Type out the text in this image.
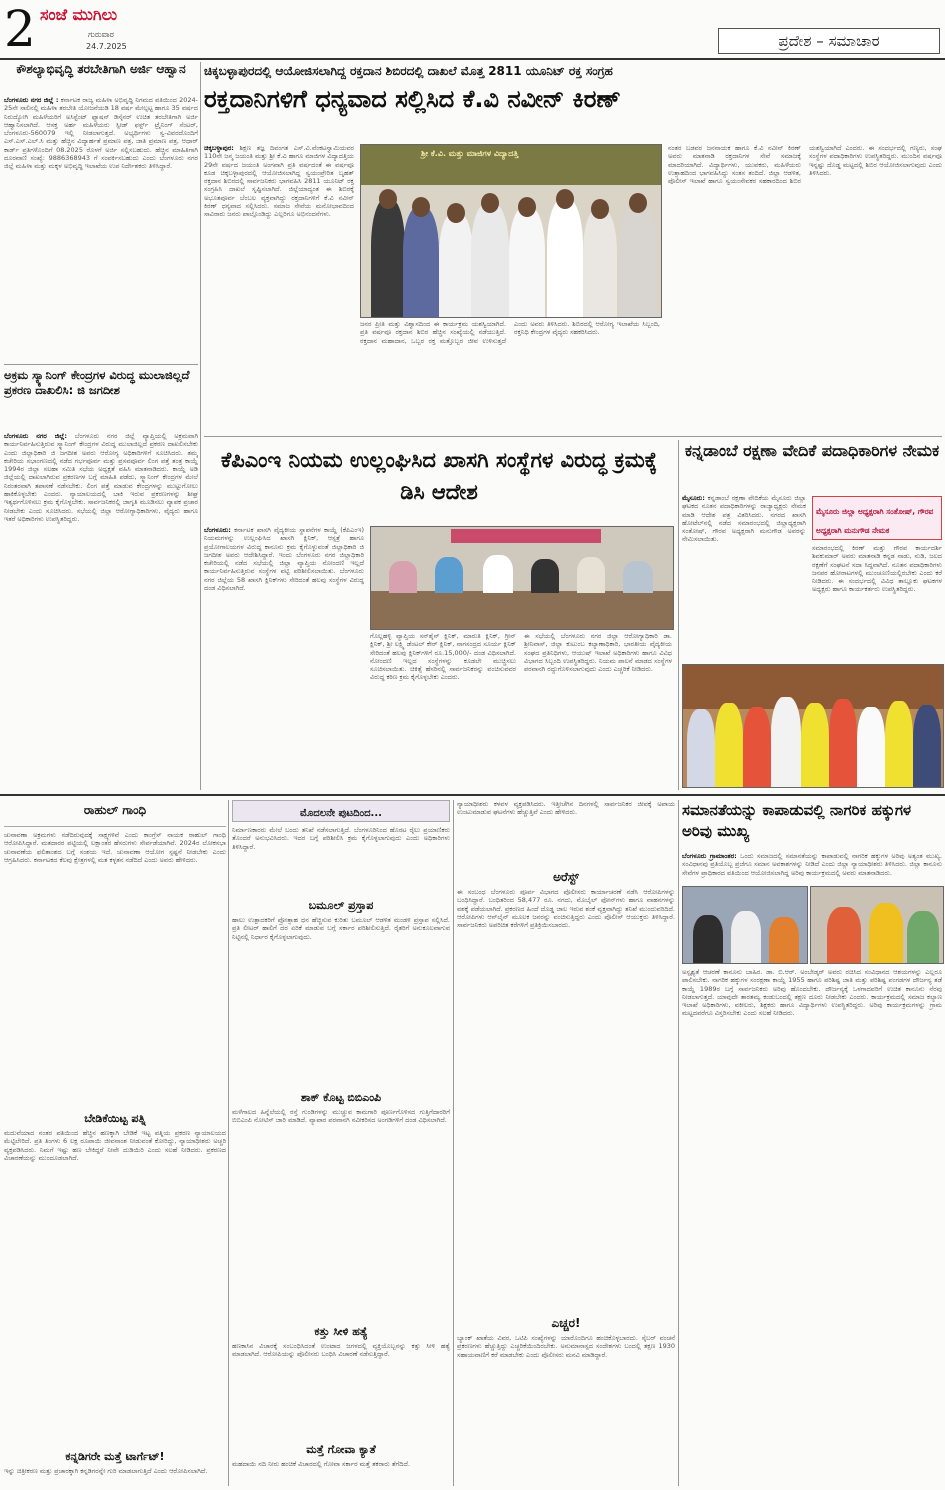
2 ಸಂಜೆ ಮುಗಿಲು
ಗುರುವಾರ
24.7.2025	ಪ್ರದೇಶ – ಸಮಾಚಾರ
ಕೌಶಲ್ಯಾಭಿವೃದ್ಧಿ ತರಬೇತಿಗಾಗಿ ಅರ್ಜಿ ಆಹ್ವಾನ
ಬೆಂಗಳೂರು ನಗರ ಜಿಲ್ಲೆ : ಕರ್ನಾಟಕ ರಾಜ್ಯ ಮಹಿಳಾ ಅಭಿವೃದ್ಧಿ ನಿಗಮದ ವತಿಯಿಂದ 2024-25ನೇ ಸಾಲಿನಲ್ಲಿ ಮಹಿಳಾ ತರಬೇತಿ ಯೋಜನೆಯಡಿ 18 ವರ್ಷ ಮೇಲ್ಪಟ್ಟ ಹಾಗೂ 35 ವರ್ಷದ ನಿರುದ್ಯೋಗಿ ಮಹಿಳೆಯರಿಗೆ ಅಸಿಸ್ಟೆಂಟ್ ಫ್ಯಾಷನ್ ಡಿಸೈನರ್ ಉಚಿತ ತರಬೇತಿಗಾಗಿ ಅರ್ಜಿ ಆಹ್ವಾನಿಸಲಾಗಿದೆ. ಆಸಕ್ತ ಅರ್ಹ ಮಹಿಳೆಯರು ಸ್ಪೀಡ್ ಫರ್ಸ್ಟ್ ಟ್ರೈನಿಂಗ್ ಸೆಂಟರ್, ಬೆಂಗಳೂರು-560079 ಇಲ್ಲಿ ನೀಡಲಾಗುತ್ತದೆ. ಅಭ್ಯರ್ಥಿಗಳು ಸ್ವ-ವಿವರದೊಂದಿಗೆ ಎಸ್.ಎಸ್.ಎಲ್.ಸಿ ಮತ್ತು ಹೆಚ್ಚಿನ ವಿದ್ಯಾರ್ಹತೆ ಪ್ರಮಾಣ ಪತ್ರ, ಜಾತಿ ಪ್ರಮಾಣ ಪತ್ರ, ಆಧಾರ್ ಕಾರ್ಡ್ ಪ್ರತಿಗಳೊಂದಿಗೆ 08.2025 ರೊಳಗೆ ಅರ್ಜಿ ಸಲ್ಲಿಸಬಹುದು. ಹೆಚ್ಚಿನ ಮಾಹಿತಿಗಾಗಿ ದೂರವಾಣಿ ಸಂಖ್ಯೆ: 9886368943 ಗೆ ಸಂಪರ್ಕಿಸಬಹುದು ಎಂದು ಬೆಂಗಳೂರು ನಗರ ಜಿಲ್ಲೆ ಮಹಿಳಾ ಮತ್ತು ಮಕ್ಕಳ ಅಭಿವೃದ್ಧಿ ಇಲಾಖೆಯ ಉಪ ನಿರ್ದೇಶಕರು ತಿಳಿಸಿದ್ದಾರೆ.
ಅಕ್ರಮ ಸ್ಕ್ಯಾನಿಂಗ್ ಕೇಂದ್ರಗಳ ವಿರುದ್ಧ ಮುಲಾಜಿಲ್ಲದೆ ಪ್ರಕರಣ ದಾಖಲಿಸಿ: ಜಿ ಜಗದೀಶ
ಬೆಂಗಳೂರು ನಗರ ಜಿಲ್ಲೆ: ಬೆಂಗಳೂರು ನಗರ ಜಿಲ್ಲೆ ವ್ಯಾಪ್ತಿಯಲ್ಲಿ ಅಕ್ರಮವಾಗಿ ಕಾರ್ಯನಿರ್ವಹಿಸುತ್ತಿರುವ ಸ್ಕ್ಯಾನಿಂಗ್ ಕೇಂದ್ರಗಳ ವಿರುದ್ಧ ಮುಲಾಜಿಲ್ಲದೆ ಪ್ರಕರಣ ದಾಖಲಿಸಬೇಕು ಎಂದು ಜಿಲ್ಲಾಧಿಕಾರಿ ಜಿ ಜಗದೀಶ ಅವರು ಆರೋಗ್ಯ ಅಧಿಕಾರಿಗಳಿಗೆ ಸೂಚಿಸಿದರು. ತಮ್ಮ ಕಚೇರಿಯ ಸಭಾಂಗಣದಲ್ಲಿ ನಡೆದ ಗರ್ಭಪೂರ್ವ ಮತ್ತು ಪ್ರಸವಪೂರ್ವ ಲಿಂಗ ಪತ್ತೆ ತಂತ್ರ ಕಾಯ್ದೆ 1994ರ ಜಿಲ್ಲಾ ಸಲಹಾ ಸಮಿತಿ ಸಭೆಯ ಅಧ್ಯಕ್ಷತೆ ವಹಿಸಿ ಮಾತನಾಡಿದರು. ಕಾಯ್ದೆ ಅಡಿ ಜಿಲ್ಲೆಯಲ್ಲಿ ದಾಖಲಾಗಿರುವ ಪ್ರಕರಣಗಳ ಬಗ್ಗೆ ಮಾಹಿತಿ ಪಡೆದು, ಸ್ಕ್ಯಾನಿಂಗ್ ಕೇಂದ್ರಗಳ ಮೇಲೆ ನಿರಂತರವಾಗಿ ತಪಾಸಣೆ ನಡೆಸಬೇಕು. ಲಿಂಗ ಪತ್ತೆ ಮಾಡುವ ಕೇಂದ್ರಗಳನ್ನು ಮುಟ್ಟುಗೋಲು ಹಾಕಿಕೊಳ್ಳಬೇಕು ಎಂದರು. ನ್ಯಾಯಾಲಯದಲ್ಲಿ ಬಾಕಿ ಇರುವ ಪ್ರಕರಣಗಳನ್ನು ಶೀಘ್ರ ಇತ್ಯರ್ಥಗೊಳಿಸಲು ಕ್ರಮ ಕೈಗೊಳ್ಳಬೇಕು. ಸಾರ್ವಜನಿಕರಲ್ಲಿ ಜಾಗೃತಿ ಮೂಡಿಸಲು ವ್ಯಾಪಕ ಪ್ರಚಾರ ನೀಡಬೇಕು ಎಂದು ಸೂಚಿಸಿದರು. ಸಭೆಯಲ್ಲಿ ಜಿಲ್ಲಾ ಆರೋಗ್ಯಾಧಿಕಾರಿಗಳು, ವೈದ್ಯರು ಹಾಗೂ ಇತರೆ ಅಧಿಕಾರಿಗಳು ಉಪಸ್ಥಿತರಿದ್ದರು.
ಚಿಕ್ಕಬಳ್ಳಾಪುರದಲ್ಲಿ ಆಯೋಜಿಸಲಾಗಿದ್ದ ರಕ್ತದಾನ ಶಿಬಿರದಲ್ಲಿ ದಾಖಲೆ ಮೊತ್ತ 2811 ಯೂನಿಟ್ ರಕ್ತ ಸಂಗ್ರಹ
ರಕ್ತದಾನಿಗಳಿಗೆ ಧನ್ಯವಾದ ಸಲ್ಲಿಸಿದ ಕೆ.ವಿ ನವೀನ್ ಕಿರಣ್
ಚಿಕ್ಕಬಳ್ಳಾಪುರ: ಶಿಕ್ಷಣ ತಜ್ಞ ದಿವಂಗತ ಎಸ್.ವಿ.ವೆಂಕಟಸ್ವಾಮಿಯವರ 110ನೇ ಜನ್ಮ ಜಯಂತಿ ಮತ್ತು ಶ್ರೀ ಕೆ.ವಿ ಹಾಗೂ ಮಾಜಿಗಳ ವಿದ್ಯಾದತ್ತಿಯ 29ನೇ ವರ್ಷದ ಜಯಂತಿ ಅಂಗವಾಗಿ ಪ್ರತಿ ವರ್ಷದಂತೆ ಈ ವರ್ಷವೂ ಕೂಡ ಚಿಕ್ಕಬಳ್ಳಾಪುರದಲ್ಲಿ ಆಯೋಜಿಸಲಾಗಿದ್ದ ಸ್ವಯಂಪ್ರೇರಿತ ಬೃಹತ್ ರಕ್ತದಾನ ಶಿಬಿರದಲ್ಲಿ ಸಾರ್ವಜನಿಕರು ಭಾಗವಹಿಸಿ 2811 ಯೂನಿಟ್ ರಕ್ತ ಸಂಗ್ರಹಿಸಿ ದಾಖಲೆ ಸೃಷ್ಟಿಸಲಾಗಿದೆ. ಜಿಲ್ಲೆಯಾದ್ಯಂತ ಈ ಶಿಬಿರಕ್ಕೆ ಅಭೂತಪೂರ್ವ ಬೆಂಬಲ ವ್ಯಕ್ತವಾಗಿದ್ದು ರಕ್ತದಾನಿಗಳಿಗೆ ಕೆ.ವಿ ನವೀನ್ ಕಿರಣ್ ಧನ್ಯವಾದ ಸಲ್ಲಿಸಿದರು. ಸಮಾಜ ಸೇವೆಯ ಮನೋಭಾವದಿಂದ ಸಾವಿರಾರು ಜನರು ಪಾಲ್ಗೊಂಡಿದ್ದು ಎಲ್ಲರಿಗೂ ಅಭಿನಂದನೆಗಳು.
ಶ್ರೀ ಕೆ.ವಿ. ಮತ್ತು ಮಾಜಿಗಳ ವಿದ್ಯಾದತ್ತಿ
ಜನರ ಪ್ರೀತಿ ಮತ್ತು ವಿಶ್ವಾಸದಿಂದ ಈ ಕಾರ್ಯಕ್ರಮ ಯಶಸ್ವಿಯಾಗಿದೆ. ಪ್ರತಿ ವರ್ಷವೂ ರಕ್ತದಾನ ಶಿಬಿರ ಹೆಚ್ಚಿನ ಸಂಖ್ಯೆಯಲ್ಲಿ ನಡೆಯುತ್ತಿದೆ. ರಕ್ತದಾನ ಮಹಾದಾನ, ಒಬ್ಬರ ರಕ್ತ ಮತ್ತೊಬ್ಬರ ಜೀವ ಉಳಿಸುತ್ತದೆ ಎಂದು ಅವರು ತಿಳಿಸಿದರು. ಶಿಬಿರದಲ್ಲಿ ಆರೋಗ್ಯ ಇಲಾಖೆಯ ಸಿಬ್ಬಂದಿ, ರಕ್ತನಿಧಿ ಕೇಂದ್ರಗಳ ವೈದ್ಯರು ಸಹಕರಿಸಿದರು.
ನಂತರ ಬಡವರ ಜನನಾಯಕ ಹಾಗೂ ಕೆ.ವಿ ನವೀನ್ ಕಿರಣ್ ಅವರು ಮಾತನಾಡಿ ರಕ್ತದಾನಿಗಳ ಸೇವೆ ಸಮಾಜಕ್ಕೆ ಮಾದರಿಯಾಗಿದೆ. ವಿದ್ಯಾರ್ಥಿಗಳು, ಯುವಕರು, ಮಹಿಳೆಯರು ಉತ್ಸಾಹದಿಂದ ಭಾಗವಹಿಸಿದ್ದು ಸಂತಸ ತಂದಿದೆ. ಜಿಲ್ಲಾ ಆಡಳಿತ, ಪೊಲೀಸ್ ಇಲಾಖೆ ಹಾಗೂ ಸ್ವಯಂಸೇವಕರ ಸಹಕಾರದಿಂದ ಶಿಬಿರ ಯಶಸ್ವಿಯಾಗಿದೆ ಎಂದರು. ಈ ಸಂದರ್ಭದಲ್ಲಿ ಗಣ್ಯರು, ಸಂಘ ಸಂಸ್ಥೆಗಳ ಪದಾಧಿಕಾರಿಗಳು ಉಪಸ್ಥಿತರಿದ್ದರು. ಮುಂದಿನ ವರ್ಷವೂ ಇನ್ನಷ್ಟು ದೊಡ್ಡ ಮಟ್ಟದಲ್ಲಿ ಶಿಬಿರ ಆಯೋಜಿಸಲಾಗುವುದು ಎಂದು ತಿಳಿಸಿದರು.
ಕೆಪಿಎಂಇ ನಿಯಮ ಉಲ್ಲಂಘಿಸಿದ ಖಾಸಗಿ ಸಂಸ್ಥೆಗಳ ವಿರುದ್ಧ ಕ್ರಮಕ್ಕೆ ಡಿಸಿ ಆದೇಶ
ಬೆಂಗಳೂರು: ಕರ್ನಾಟಕ ಖಾಸಗಿ ವೈದ್ಯಕೀಯ ಸ್ಥಾಪನೆಗಳ ಕಾಯ್ದೆ (ಕೆಪಿಎಂಇ) ನಿಯಮಗಳನ್ನು ಉಲ್ಲಂಘಿಸಿದ ಖಾಸಗಿ ಕ್ಲಿನಿಕ್, ಆಸ್ಪತ್ರೆ ಹಾಗೂ ಪ್ರಯೋಗಾಲಯಗಳ ವಿರುದ್ಧ ಕಾನೂನು ಕ್ರಮ ಕೈಗೊಳ್ಳುವಂತೆ ಜಿಲ್ಲಾಧಿಕಾರಿ ಜಿ ಜಗದೀಶ ಅವರು ಆದೇಶಿಸಿದ್ದಾರೆ. ಇಂದು ಬೆಂಗಳೂರು ನಗರ ಜಿಲ್ಲಾಧಿಕಾರಿ ಕಚೇರಿಯಲ್ಲಿ ನಡೆದ ಸಭೆಯಲ್ಲಿ ಜಿಲ್ಲಾ ವ್ಯಾಪ್ತಿಯ ನೋಂದಣಿ ಇಲ್ಲದೆ ಕಾರ್ಯನಿರ್ವಹಿಸುತ್ತಿರುವ ಸಂಸ್ಥೆಗಳ ಪಟ್ಟಿ ಪರಿಶೀಲಿಸಲಾಯಿತು. ಬೆಂಗಳೂರು ನಗರ ಜಿಲ್ಲೆಯ 58 ಖಾಸಗಿ ಕ್ಲಿನಿಕ್‌ಗಳು ಸೇರಿದಂತೆ ಹಲವು ಸಂಸ್ಥೆಗಳ ವಿರುದ್ಧ ದಂಡ ವಿಧಿಸಲಾಗಿದೆ.
ಗೊಲ್ಲಹಳ್ಳಿ ವ್ಯಾಪ್ತಿಯ ಸನ್‌ಶೈನ್ ಕ್ಲಿನಿಕ್, ಮಾರುತಿ ಕ್ಲಿನಿಕ್, ಗ್ರೀನ್ ಕ್ಲಿನಿಕ್, ಶ್ರೀ ಲಕ್ಷ್ಮಿ ಡೆಂಟಲ್ ಕೇರ್ ಕ್ಲಿನಿಕ್, ನಾಗಸಂದ್ರದ ಸೂರ್ಯ ಕ್ಲಿನಿಕ್ ಸೇರಿದಂತೆ ಹಲವು ಕ್ಲಿನಿಕ್‌ಗಳಿಗೆ ರೂ.15,000/- ದಂಡ ವಿಧಿಸಲಾಗಿದೆ. ನೋಂದಣಿ ಇಲ್ಲದ ಸಂಸ್ಥೆಗಳನ್ನು ಕೂಡಲೇ ಮುಚ್ಚಿಸಲು ಸೂಚಿಸಲಾಯಿತು. ಚಿಕಿತ್ಸೆ ಹೆಸರಿನಲ್ಲಿ ಸಾರ್ವಜನಿಕರನ್ನು ವಂಚಿಸುವವರ ವಿರುದ್ಧ ಕಠಿಣ ಕ್ರಮ ಕೈಗೊಳ್ಳಬೇಕು ಎಂದರು.
ಈ ಸಭೆಯಲ್ಲಿ ಬೆಂಗಳೂರು ನಗರ ಜಿಲ್ಲಾ ಆರೋಗ್ಯಾಧಿಕಾರಿ ಡಾ. ಶ್ರೀನಿವಾಸ್, ಜಿಲ್ಲಾ ಕುಟುಂಬ ಕಲ್ಯಾಣಾಧಿಕಾರಿ, ಭಾರತೀಯ ವೈದ್ಯಕೀಯ ಸಂಘದ ಪ್ರತಿನಿಧಿಗಳು, ಆಯುಷ್ ಇಲಾಖೆ ಅಧಿಕಾರಿಗಳು ಹಾಗೂ ವಿವಿಧ ವಿಭಾಗದ ಸಿಬ್ಬಂದಿ ಉಪಸ್ಥಿತರಿದ್ದರು. ನಿಯಮ ಪಾಲನೆ ಮಾಡದ ಸಂಸ್ಥೆಗಳ ಪರವಾನಗಿ ರದ್ದುಗೊಳಿಸಲಾಗುವುದು ಎಂದು ಎಚ್ಚರಿಕೆ ನೀಡಿದರು.
ಕನ್ನಡಾಂಬೆ ರಕ್ಷಣಾ ವೇದಿಕೆ ಪದಾಧಿಕಾರಿಗಳ ನೇಮಕ
ಮೈಸೂರು: ಕನ್ನಡಾಂಬೆ ರಕ್ಷಣಾ ವೇದಿಕೆಯ ಮೈಸೂರು ಜಿಲ್ಲಾ ಘಟಕದ ನೂತನ ಪದಾಧಿಕಾರಿಗಳನ್ನು ರಾಜ್ಯಾಧ್ಯಕ್ಷರು ನೇಮಕ ಮಾಡಿ ಆದೇಶ ಪತ್ರ ವಿತರಿಸಿದರು. ನಗರದ ಖಾಸಗಿ ಹೋಟೆಲ್‌ನಲ್ಲಿ ನಡೆದ ಸಮಾರಂಭದಲ್ಲಿ ಜಿಲ್ಲಾಧ್ಯಕ್ಷರಾಗಿ ಸಂತೋಷ್, ಗೌರವ ಅಧ್ಯಕ್ಷರಾಗಿ ಮನುಗೌಡ ಅವರನ್ನು ನೇಮಿಸಲಾಯಿತು.
ಮೈಸೂರು ಜಿಲ್ಲಾ ಅಧ್ಯಕ್ಷರಾಗಿ ಸಂತೋಷ್, ಗೌರವ ಅಧ್ಯಕ್ಷರಾಗಿ ಮನುಗೌಡ ನೇಮಕ
ಸಮಾರಂಭದಲ್ಲಿ ಕಿರಣ್ ಮತ್ತು ಗೌರವ ಕಾರ್ಯದರ್ಶಿ ಶಿವಕುಮಾರ್ ಅವರು ಮಾತನಾಡಿ ಕನ್ನಡ ನಾಡು, ನುಡಿ, ಜಲದ ರಕ್ಷಣೆಗೆ ಸಂಘಟನೆ ಸದಾ ಸಿದ್ಧವಾಗಿದೆ. ನೂತನ ಪದಾಧಿಕಾರಿಗಳು ಜನಪರ ಹೋರಾಟಗಳಲ್ಲಿ ಮುಂಚೂಣಿಯಲ್ಲಿರಬೇಕು ಎಂದು ಕರೆ ನೀಡಿದರು. ಈ ಸಂದರ್ಭದಲ್ಲಿ ವಿವಿಧ ತಾಲ್ಲೂಕು ಘಟಕಗಳ ಅಧ್ಯಕ್ಷರು ಹಾಗೂ ಕಾರ್ಯಕರ್ತರು ಉಪಸ್ಥಿತರಿದ್ದರು.
ರಾಹುಲ್ ಗಾಂಧಿ
ಚುನಾವಣಾ ಅಕ್ರಮಗಳು ನಡೆದಿರುವುದಕ್ಕೆ ಸಾಕ್ಷ್ಯಗಳಿವೆ ಎಂದು ಕಾಂಗ್ರೆಸ್ ನಾಯಕ ರಾಹುಲ್ ಗಾಂಧಿ ಆರೋಪಿಸಿದ್ದಾರೆ. ಮತದಾರರ ಪಟ್ಟಿಯಲ್ಲಿ ಲಕ್ಷಾಂತರ ಹೆಸರುಗಳು ಸೇರ್ಪಡೆಯಾಗಿವೆ. 2024ರ ಲೋಕಸಭಾ ಚುನಾವಣೆಯ ಫಲಿತಾಂಶದ ಬಗ್ಗೆ ಸಂಶಯ ಇದೆ. ಚುನಾವಣಾ ಆಯೋಗ ಸ್ಪಷ್ಟನೆ ನೀಡಬೇಕು ಎಂದು ಆಗ್ರಹಿಸಿದರು. ಕರ್ನಾಟಕದ ಕೆಲವು ಕ್ಷೇತ್ರಗಳಲ್ಲಿ ಮತ ಕಳ್ಳತನ ನಡೆದಿದೆ ಎಂದು ಅವರು ಹೇಳಿದರು.
ಬೇಡಿಕೆಯಿಟ್ಟ ಪತ್ನಿ
ಮದುವೆಯಾದ ನಂತರ ಪತಿಯಿಂದ ಹೆಚ್ಚಿನ ಹಣಕ್ಕಾಗಿ ಬೇಡಿಕೆ ಇಟ್ಟ ಪತ್ನಿಯ ಪ್ರಕರಣ ನ್ಯಾಯಾಲಯದ ಮೆಟ್ಟಿಲೇರಿದೆ. ಪ್ರತಿ ತಿಂಗಳು 6 ಲಕ್ಷ ರೂಪಾಯಿ ಜೀವನಾಂಶ ನೀಡುವಂತೆ ಕೋರಿದ್ದು, ನ್ಯಾಯಾಧೀಶರು ಅಚ್ಚರಿ ವ್ಯಕ್ತಪಡಿಸಿದರು. ನಿಮಗೆ ಇಷ್ಟು ಹಣ ಬೇಕಿದ್ದರೆ ನೀವೇ ದುಡಿಯಿರಿ ಎಂದು ಸಲಹೆ ನೀಡಿದರು. ಪ್ರಕರಣದ ವಿಚಾರಣೆಯನ್ನು ಮುಂದೂಡಲಾಗಿದೆ.
ಕನ್ನಡಿಗರೇ ಮತ್ತೆ ಟಾರ್ಗೆಟ್!
ಇನ್ನು ಚಿತ್ರೀಕರಣ ಮತ್ತು ಪ್ರಚಾರಕ್ಕಾಗಿ ಕನ್ನಡಿಗರನ್ನೇ ಗುರಿ ಮಾಡಲಾಗುತ್ತಿದೆ ಎಂದು ಆರೋಪಿಸಲಾಗಿದೆ.
ಮೊದಲನೇ ಪುಟದಿಂದ...
ನಿರ್ಮಾಣಕಾರರು ಮೇಲೆ ಬಂದು ತನಿಖೆ ನಡೆಸಲಾಗುತ್ತಿದೆ. ಬೆಂಗಳೂರಿನಿಂದ ಹೊರಟ ರೈಲು ಪ್ರಯಾಣಿಕರು ತೊಂದರೆ ಅನುಭವಿಸಿದರು. ಇದರ ಬಗ್ಗೆ ಪರಿಶೀಲಿಸಿ ಕ್ರಮ ಕೈಗೊಳ್ಳಲಾಗುವುದು ಎಂದು ಅಧಿಕಾರಿಗಳು ತಿಳಿಸಿದ್ದಾರೆ.
ಬಮೂಲ್ ಪ್ರಸ್ತಾಪ
ಹಾಲು ಉತ್ಪಾದಕರಿಗೆ ಪ್ರೋತ್ಸಾಹ ಧನ ಹೆಚ್ಚಿಸುವ ಕುರಿತು ಬಮೂಲ್ ಆಡಳಿತ ಮಂಡಳಿ ಪ್ರಸ್ತಾಪ ಸಲ್ಲಿಸಿದೆ. ಪ್ರತಿ ಲೀಟರ್ ಹಾಲಿಗೆ ದರ ಏರಿಕೆ ಮಾಡುವ ಬಗ್ಗೆ ಸರ್ಕಾರ ಪರಿಶೀಲಿಸುತ್ತಿದೆ. ರೈತರಿಗೆ ಅನುಕೂಲವಾಗುವ ನಿಟ್ಟಿನಲ್ಲಿ ನಿರ್ಧಾರ ಕೈಗೊಳ್ಳಲಾಗುವುದು.
ಶಾಕ್ ಕೊಟ್ಟ ಬಿಬಿಎಂಪಿ
ಮಳೆಗಾಲದ ಹಿನ್ನೆಲೆಯಲ್ಲಿ ರಸ್ತೆ ಗುಂಡಿಗಳನ್ನು ಮುಚ್ಚುವ ಕಾಮಗಾರಿ ಪೂರ್ಣಗೊಳಿಸದ ಗುತ್ತಿಗೆದಾರರಿಗೆ ಬಿಬಿಎಂಪಿ ನೋಟಿಸ್ ಜಾರಿ ಮಾಡಿದೆ. ವ್ಯಾಪಾರ ಪರವಾನಗಿ ನವೀಕರಿಸದ ಅಂಗಡಿಗಳಿಗೆ ದಂಡ ವಿಧಿಸಲಾಗಿದೆ.
ಕತ್ತು ಸೀಳಿ ಹತ್ಯೆ
ಹಣಕಾಸಿನ ವಿಚಾರಕ್ಕೆ ಸಂಬಂಧಿಸಿದಂತೆ ಉಂಟಾದ ಜಗಳದಲ್ಲಿ ವ್ಯಕ್ತಿಯೊಬ್ಬನನ್ನು ಕತ್ತು ಸೀಳಿ ಹತ್ಯೆ ಮಾಡಲಾಗಿದೆ. ಆರೋಪಿಯನ್ನು ಪೊಲೀಸರು ಬಂಧಿಸಿ ವಿಚಾರಣೆ ನಡೆಸುತ್ತಿದ್ದಾರೆ.
ಮತ್ತೆ ಗೋವಾ ಕ್ಯಾತೆ
ಮಹದಾಯಿ ನದಿ ನೀರು ಹಂಚಿಕೆ ವಿಚಾರದಲ್ಲಿ ಗೋವಾ ಸರ್ಕಾರ ಮತ್ತೆ ತಕರಾರು ತೆಗೆದಿದೆ.
ನ್ಯಾಯಾಧೀಶರು ಕಳವಳ ವ್ಯಕ್ತಪಡಿಸಿದರು. ಇತ್ತೀಚೆಗಿನ ದಿನಗಳಲ್ಲಿ ಸಾರ್ವಜನಿಕರ ಜೀವಕ್ಕೆ ಅಪಾಯ ಉಂಟುಮಾಡುವ ಘಟನೆಗಳು ಹೆಚ್ಚುತ್ತಿವೆ ಎಂದು ಹೇಳಿದರು.
ಅರೆಸ್ಟ್
ಈ ಸಂಬಂಧ ಬೆಂಗಳೂರು ಪೂರ್ವ ವಿಭಾಗದ ಪೊಲೀಸರು ಕಾರ್ಯಾಚರಣೆ ನಡೆಸಿ ಆರೋಪಿಗಳನ್ನು ಬಂಧಿಸಿದ್ದಾರೆ. ಬಂಧಿತರಿಂದ 58,477 ರೂ. ನಗದು, ಮೊಬೈಲ್ ಫೋನ್‌ಗಳು ಹಾಗೂ ವಾಹನಗಳನ್ನು ವಶಕ್ಕೆ ಪಡೆಯಲಾಗಿದೆ. ಪ್ರಕರಣದ ಹಿಂದೆ ದೊಡ್ಡ ಜಾಲ ಇರುವ ಶಂಕೆ ವ್ಯಕ್ತವಾಗಿದ್ದು ತನಿಖೆ ಮುಂದುವರಿದಿದೆ. ಆರೋಪಿಗಳು ಆನ್‌ಲೈನ್ ಮೂಲಕ ಜನರನ್ನು ವಂಚಿಸುತ್ತಿದ್ದರು ಎಂದು ಪೊಲೀಸ್ ಆಯುಕ್ತರು ತಿಳಿಸಿದ್ದಾರೆ. ಸಾರ್ವಜನಿಕರು ಅಪರಿಚಿತ ಕರೆಗಳಿಗೆ ಪ್ರತಿಕ್ರಿಯಿಸಬಾರದು.
ಎಚ್ಚರ!
ಬ್ಯಾಂಕ್ ಖಾತೆಯ ವಿವರ, ಒಟಿಪಿ ಸಂಖ್ಯೆಗಳನ್ನು ಯಾರೊಂದಿಗೂ ಹಂಚಿಕೊಳ್ಳಬಾರದು. ಸೈಬರ್ ವಂಚನೆ ಪ್ರಕರಣಗಳು ಹೆಚ್ಚುತ್ತಿದ್ದು ಎಚ್ಚರಿಕೆಯಿಂದಿರಬೇಕು. ಅನುಮಾನಾಸ್ಪದ ಸಂದೇಶಗಳು ಬಂದಲ್ಲಿ ತಕ್ಷಣ 1930 ಸಹಾಯವಾಣಿಗೆ ಕರೆ ಮಾಡಬೇಕು ಎಂದು ಪೊಲೀಸರು ಮನವಿ ಮಾಡಿದ್ದಾರೆ.
ಸಮಾನತೆಯನ್ನು ಕಾಪಾಡುವಲ್ಲಿ ನಾಗರಿಕ ಹಕ್ಕುಗಳ ಅರಿವು ಮುಖ್ಯ
ಬೆಂಗಳೂರು ಗ್ರಾಮಾಂತರ: ಒಂದು ಸಮಾಜದಲ್ಲಿ ಸಮಾನತೆಯನ್ನು ಕಾಪಾಡುವಲ್ಲಿ ನಾಗರಿಕ ಹಕ್ಕುಗಳ ಅರಿವು ಅತ್ಯಂತ ಮುಖ್ಯ. ಸಂವಿಧಾನವು ಪ್ರತಿಯೊಬ್ಬ ಪ್ರಜೆಗೂ ಸಮಾನ ಅವಕಾಶಗಳನ್ನು ನೀಡಿದೆ ಎಂದು ಜಿಲ್ಲಾ ನ್ಯಾಯಾಧೀಶರು ತಿಳಿಸಿದರು. ಜಿಲ್ಲಾ ಕಾನೂನು ಸೇವೆಗಳ ಪ್ರಾಧಿಕಾರದ ವತಿಯಿಂದ ಆಯೋಜಿಸಲಾಗಿದ್ದ ಅರಿವು ಕಾರ್ಯಕ್ರಮದಲ್ಲಿ ಅವರು ಮಾತನಾಡಿದರು.
ಅಸ್ಪೃಶ್ಯತೆ ಆಚರಣೆ ಕಾನೂನು ಬಾಹಿರ. ಡಾ. ಬಿ.ಆರ್. ಅಂಬೇಡ್ಕರ್ ಅವರು ರಚಿಸಿದ ಸಂವಿಧಾನದ ಆಶಯಗಳನ್ನು ಎಲ್ಲರೂ ಪಾಲಿಸಬೇಕು. ನಾಗರಿಕ ಹಕ್ಕುಗಳ ಸಂರಕ್ಷಣಾ ಕಾಯ್ದೆ 1955 ಹಾಗೂ ಪರಿಶಿಷ್ಟ ಜಾತಿ ಮತ್ತು ಪರಿಶಿಷ್ಟ ಪಂಗಡಗಳ ದೌರ್ಜನ್ಯ ತಡೆ ಕಾಯ್ದೆ 1989ರ ಬಗ್ಗೆ ಸಾರ್ವಜನಿಕರು ಅರಿವು ಹೊಂದಬೇಕು. ದೌರ್ಜನ್ಯಕ್ಕೆ ಒಳಗಾದವರಿಗೆ ಉಚಿತ ಕಾನೂನು ನೆರವು ನೀಡಲಾಗುತ್ತದೆ. ಯಾವುದೇ ತಾರತಮ್ಯ ಕಂಡುಬಂದಲ್ಲಿ ತಕ್ಷಣ ದೂರು ನೀಡಬೇಕು ಎಂದರು. ಕಾರ್ಯಕ್ರಮದಲ್ಲಿ ಸಮಾಜ ಕಲ್ಯಾಣ ಇಲಾಖೆ ಅಧಿಕಾರಿಗಳು, ವಕೀಲರು, ಶಿಕ್ಷಕರು ಹಾಗೂ ವಿದ್ಯಾರ್ಥಿಗಳು ಉಪಸ್ಥಿತರಿದ್ದರು. ಅರಿವು ಕಾರ್ಯಕ್ರಮಗಳನ್ನು ಗ್ರಾಮ ಮಟ್ಟದವರೆಗೂ ವಿಸ್ತರಿಸಬೇಕು ಎಂದು ಸಲಹೆ ನೀಡಿದರು.
